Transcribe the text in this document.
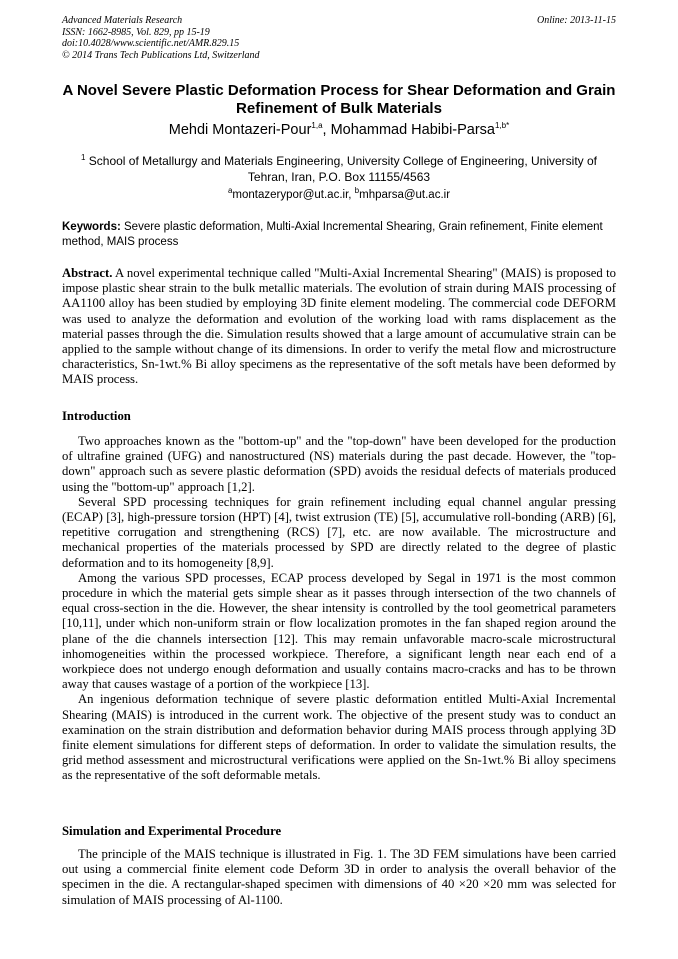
Advanced Materials Research
ISSN: 1662-8985, Vol. 829, pp 15-19
doi:10.4028/www.scientific.net/AMR.829.15
© 2014 Trans Tech Publications Ltd, Switzerland
Online: 2013-11-15
A Novel Severe Plastic Deformation Process for Shear Deformation and Grain Refinement of Bulk Materials
Mehdi Montazeri-Pour$^{1,a}$, Mohammad Habibi-Parsa$^{1,b*}$
$^1$ School of Metallurgy and Materials Engineering, University College of Engineering, University of Tehran, Iran, P.O. Box 11155/4563
$^a$montazerypor@ut.ac.ir, $^b$mhparsa@ut.ac.ir
Keywords: Severe plastic deformation, Multi-Axial Incremental Shearing, Grain refinement, Finite element method, MAIS process

Abstract. A novel experimental technique called "Multi-Axial Incremental Shearing" (MAIS) is proposed to impose plastic shear strain to the bulk metallic materials. The evolution of strain during MAIS processing of AA1100 alloy has been studied by employing 3D finite element modeling. The commercial code DEFORM was used to analyze the deformation and evolution of the working load with rams displacement as the material passes through the die. Simulation results showed that a large amount of accumulative strain can be applied to the sample without change of its dimensions. In order to verify the metal flow and microstructure characteristics, Sn-1wt.% Bi alloy specimens as the representative of the soft metals have been deformed by MAIS process.

Introduction

Two approaches known as the "bottom-up" and the "top-down" have been developed for the production of ultrafine grained (UFG) and nanostructured (NS) materials during the past decade. However, the "top-down" approach such as severe plastic deformation (SPD) avoids the residual defects of materials produced using the "bottom-up" approach [1,2].

Several SPD processing techniques for grain refinement including equal channel angular pressing (ECAP) [3], high-pressure torsion (HPT) [4], twist extrusion (TE) [5], accumulative roll-bonding (ARB) [6], repetitive corrugation and strengthening (RCS) [7], etc. are now available. The microstructure and mechanical properties of the materials processed by SPD are directly related to the degree of plastic deformation and to its homogeneity [8,9].

Among the various SPD processes, ECAP process developed by Segal in 1971 is the most common procedure in which the material gets simple shear as it passes through intersection of the two channels of equal cross-section in the die. However, the shear intensity is controlled by the tool geometrical parameters [10,11], under which non-uniform strain or flow localization promotes in the fan shaped region around the plane of the die channels intersection [12]. This may remain unfavorable macro-scale microstructural inhomogeneities within the processed workpiece. Therefore, a significant length near each end of a workpiece does not undergo enough deformation and usually contains macro-cracks and has to be thrown away that causes wastage of a portion of the workpiece [13].

An ingenious deformation technique of severe plastic deformation entitled Multi-Axial Incremental Shearing (MAIS) is introduced in the current work. The objective of the present study was to conduct an examination on the strain distribution and deformation behavior during MAIS process through applying 3D finite element simulations for different steps of deformation. In order to validate the simulation results, the grid method assessment and microstructural verifications were applied on the Sn-1wt.% Bi alloy specimens as the representative of the soft deformable metals.

Simulation and Experimental Procedure

The principle of the MAIS technique is illustrated in Fig. 1. The 3D FEM simulations have been carried out using a commercial finite element code Deform 3D in order to analysis the overall behavior of the specimen in the die. A rectangular-shaped specimen with dimensions of 40 ×20 ×20 mm was selected for simulation of MAIS processing of Al-1100.
